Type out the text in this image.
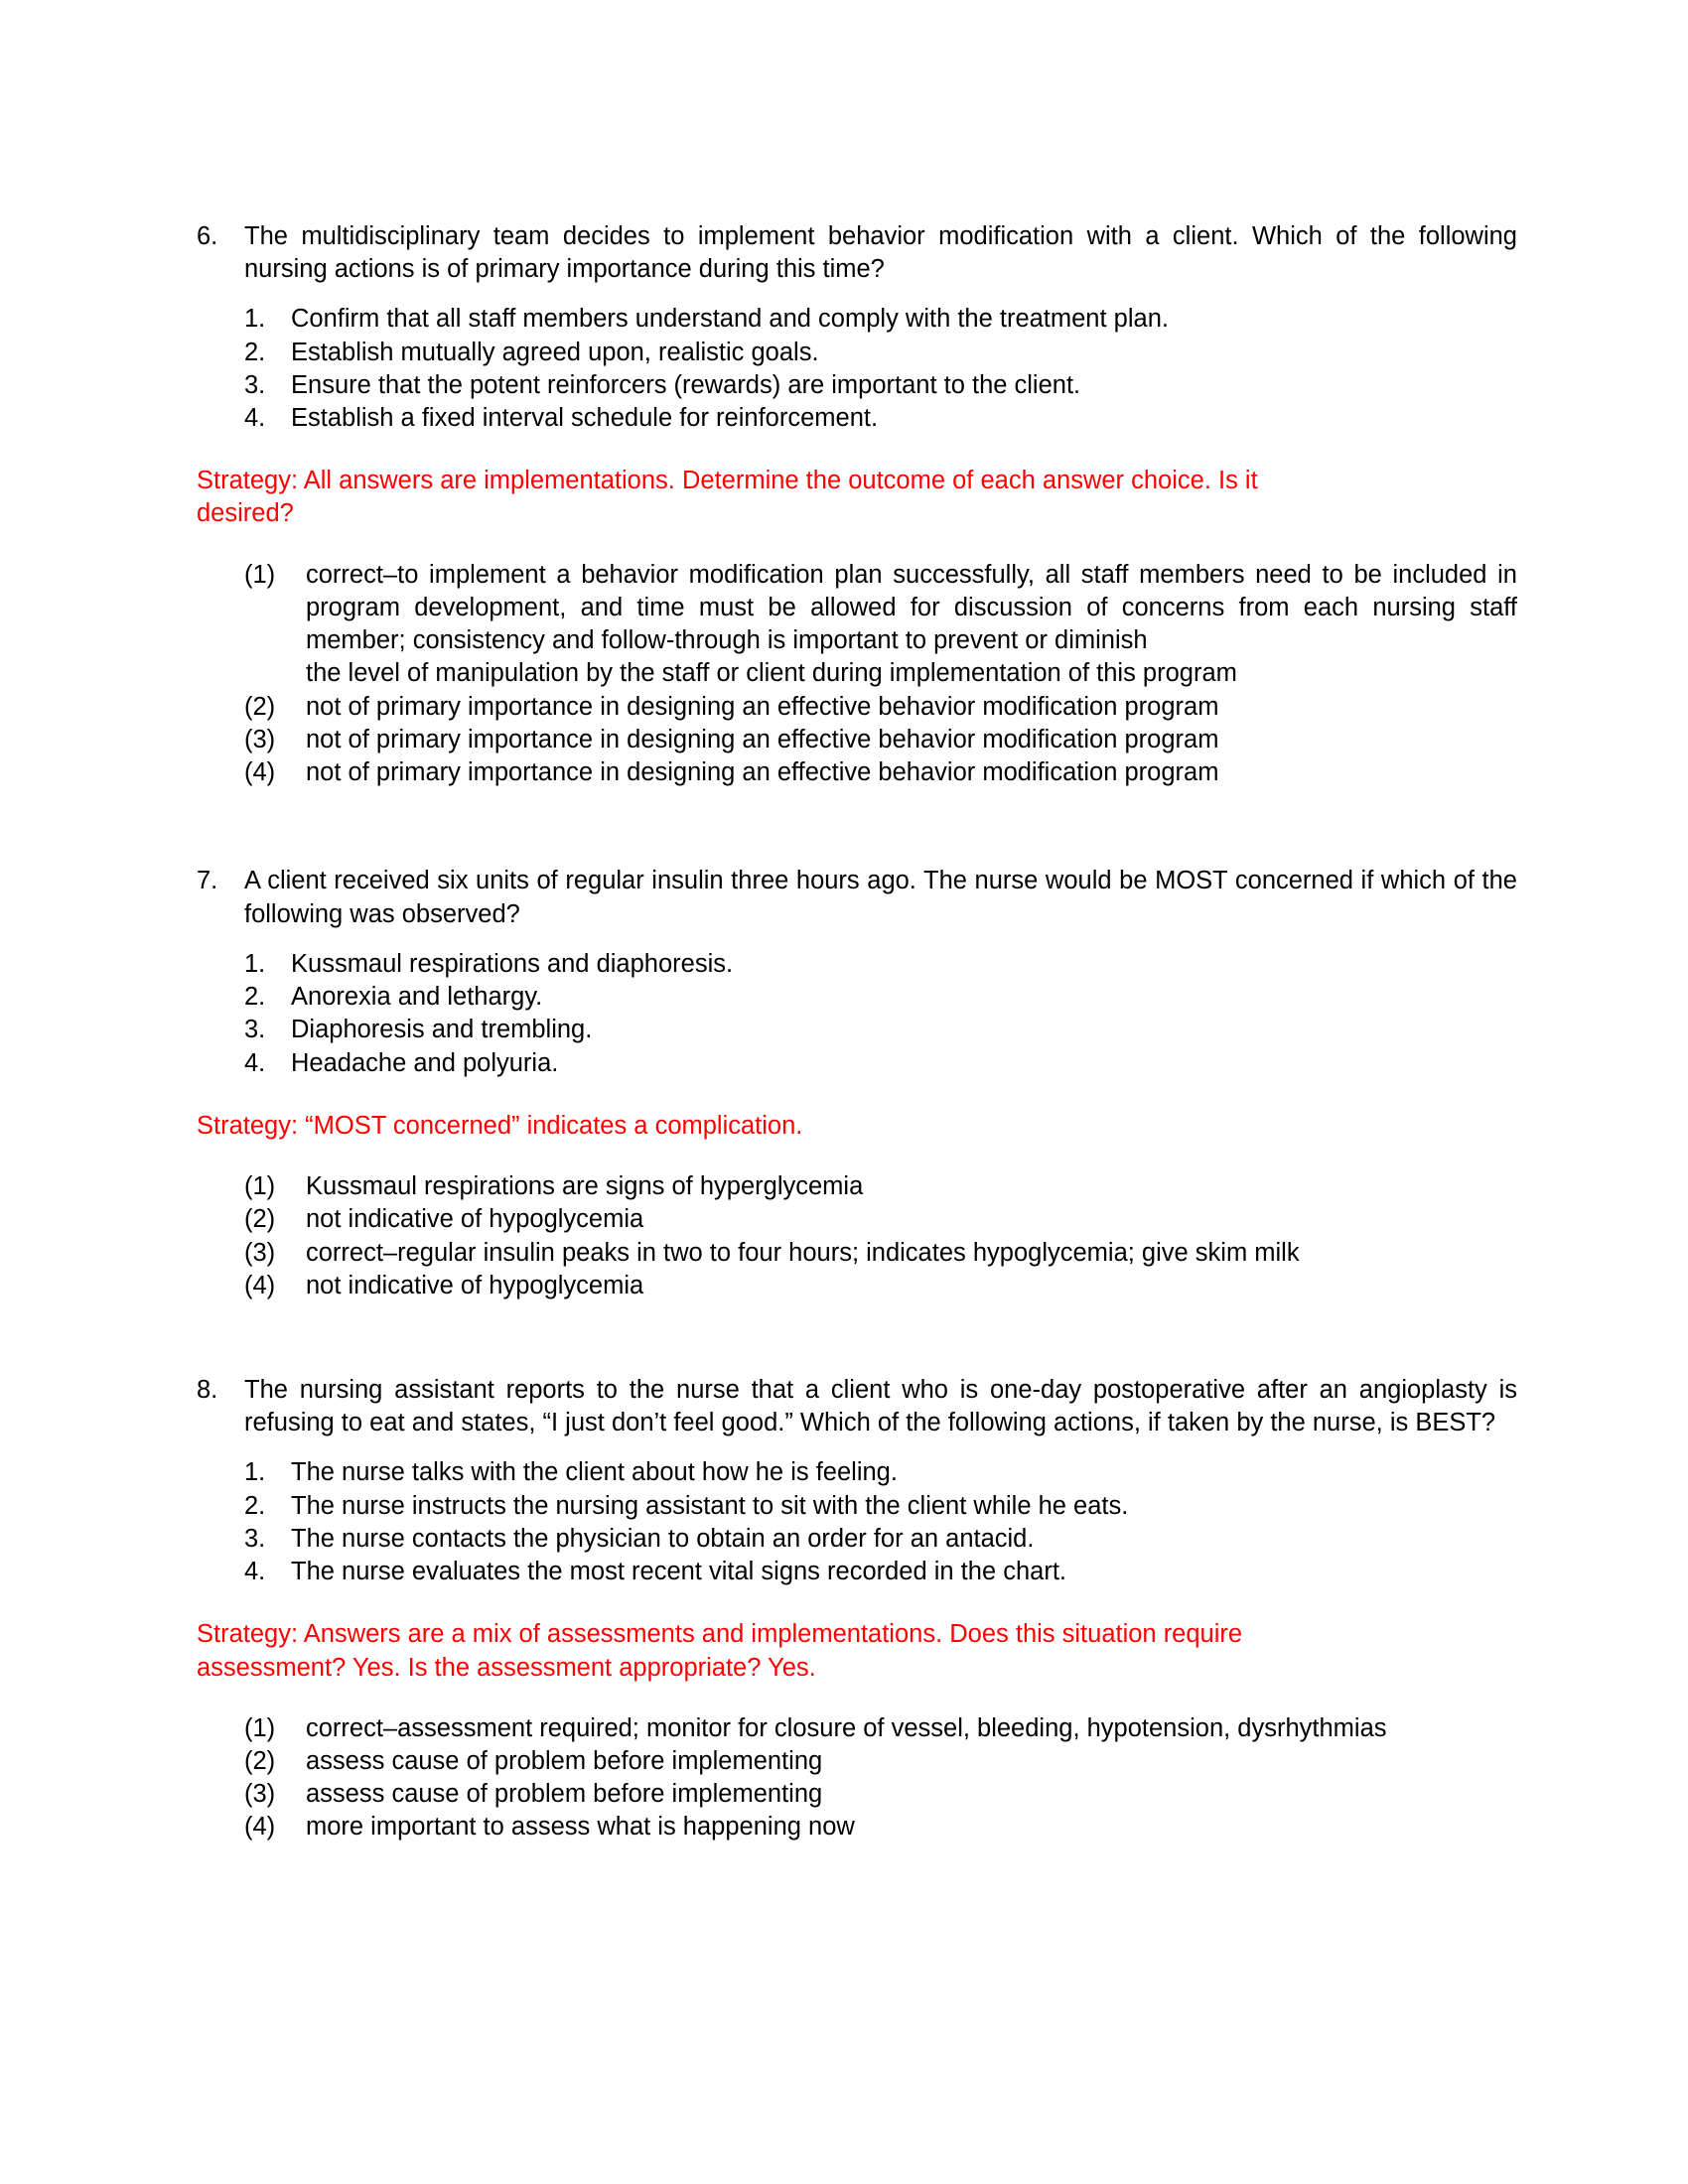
6.	The multidisciplinary team decides to implement behavior modification with a client. Which of the following nursing actions is of primary importance during this time?
1.	Confirm that all staff members understand and comply with the treatment plan.
2.	Establish mutually agreed upon, realistic goals.
3.	Ensure that the potent reinforcers (rewards) are important to the client.
4.	Establish a fixed interval schedule for reinforcement.
Strategy: All answers are implementations. Determine the outcome of each answer choice. Is it
desired?
(1)	correct–to implement a behavior modification plan successfully, all staff members need to be included in program development, and time must be allowed for discussion of concerns from each nursing staff member; consistency and follow-through is important to prevent or diminish
the level of manipulation by the staff or client during implementation of this program
(2)	not of primary importance in designing an effective behavior modification program
(3)	not of primary importance in designing an effective behavior modification program
(4)	not of primary importance in designing an effective behavior modification program
7.	A client received six units of regular insulin three hours ago. The nurse would be MOST concerned if which of the following was observed?
1.	Kussmaul respirations and diaphoresis.
2.	Anorexia and lethargy.
3.	Diaphoresis and trembling.
4.	Headache and polyuria.
Strategy: “MOST concerned” indicates a complication.
(1)	Kussmaul respirations are signs of hyperglycemia
(2)	not indicative of hypoglycemia
(3)	correct–regular insulin peaks in two to four hours; indicates hypoglycemia; give skim milk
(4)	not indicative of hypoglycemia
8.	The nursing assistant reports to the nurse that a client who is one-day postoperative after an angioplasty is refusing to eat and states, “I just don’t feel good.” Which of the following actions, if taken by the nurse, is BEST?
1.	The nurse talks with the client about how he is feeling.
2.	The nurse instructs the nursing assistant to sit with the client while he eats.
3.	The nurse contacts the physician to obtain an order for an antacid.
4.	The nurse evaluates the most recent vital signs recorded in the chart.
Strategy: Answers are a mix of assessments and implementations. Does this situation require
assessment? Yes. Is the assessment appropriate? Yes.
(1)	correct–assessment required; monitor for closure of vessel, bleeding, hypotension, dysrhythmias
(2)	assess cause of problem before implementing
(3)	assess cause of problem before implementing
(4)	more important to assess what is happening now
